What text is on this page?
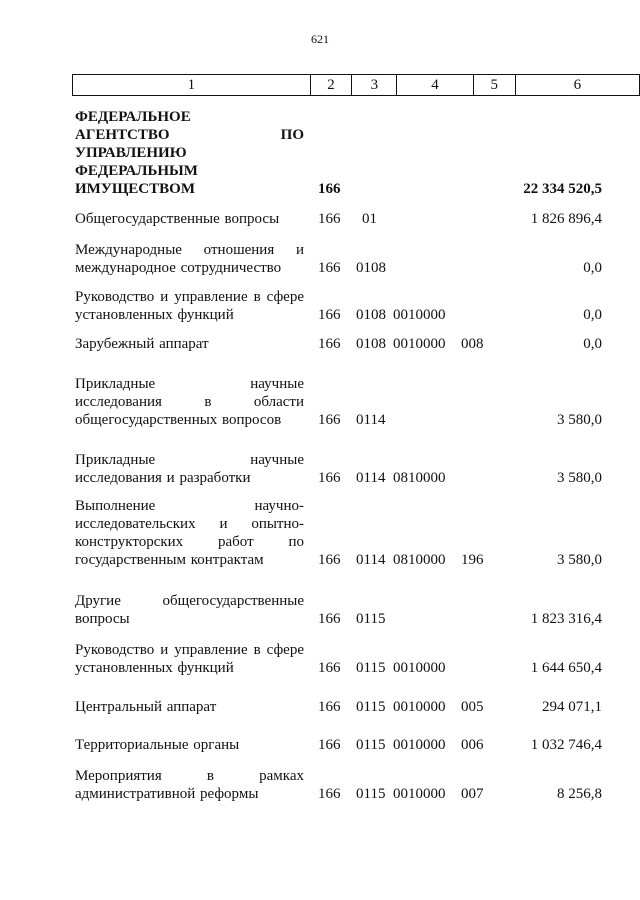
621
1	2	3	4	5	6
ФЕДЕРАЛЬНОЕ
АГЕНТСТВО	ПО
УПРАВЛЕНИЮ
ФЕДЕРАЛЬНЫМ
ИМУЩЕСТВОМ	166	22 334 520,5
Общегосударственные вопросы	166 01	1 826 896,4
Международные отношения и международное сотрудничество	166 0108	0,0
Руководство и управление в сфере установленных функций	166 0108 0010000	0,0
Зарубежный аппарат	166 0108 0010000 008	0,0
Прикладные научные исследования в области общегосударственных вопросов	166 0114	3 580,0
Прикладные научные исследования и разработки	166 0114 0810000	3 580,0
Выполнение научно-исследовательских и опытно-конструкторских работ по государственным контрактам	166 0114 0810000 196	3 580,0
Другие общегосударственные вопросы	166 0115	1 823 316,4
Руководство и управление в сфере установленных функций	166 0115 0010000	1 644 650,4
Центральный аппарат	166 0115 0010000 005	294 071,1
Территориальные органы	166 0115 0010000 006	1 032 746,4
Мероприятия в рамках административной реформы	166 0115 0010000 007	8 256,8
